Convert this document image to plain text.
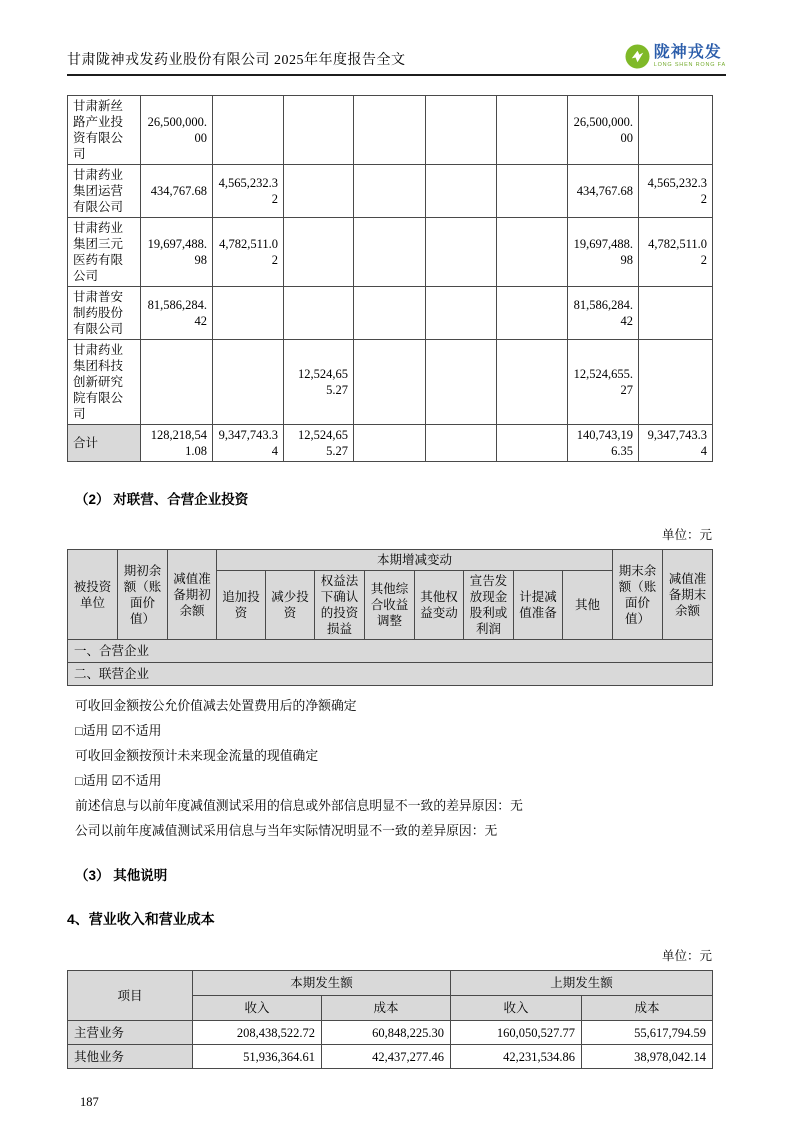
甘肃陇神戎发药业股份有限公司 2025年年度报告全文	陇神戎发
LONG SHEN RONG FA
甘肃新丝路产业投资有限公司	26,500,000.00						26,500,000.00	
甘肃药业集团运营有限公司	434,767.68	4,565,232.32					434,767.68	4,565,232.32
甘肃药业集团三元医药有限公司	19,697,488.98	4,782,511.02					19,697,488.98	4,782,511.02
甘肃普安制药股份有限公司	81,586,284.42						81,586,284.42	
甘肃药业集团科技创新研究院有限公司			12,524,655.27				12,524,655.27	
合计	128,218,541.08	9,347,743.34	12,524,655.27				140,743,196.35	9,347,743.34
（2） 对联营、合营企业投资
单位：元
被投资单位	期初余额（账面价值）	减值准备期初余额	本期增减变动								期末余额（账面价值）	减值准备期末余额
			追加投资	减少投资	权益法下确认的投资损益	其他综合收益调整	其他权益变动	宣告发放现金股利或利润	计提减值准备	其他		
一、合营企业												
二、联营企业												

可收回金额按公允价值减去处置费用后的净额确定

□适用 ☑不适用

可收回金额按预计未来现金流量的现值确定

□适用 ☑不适用

前述信息与以前年度减值测试采用的信息或外部信息明显不一致的差异原因：无

公司以前年度减值测试采用信息与当年实际情况明显不一致的差异原因：无

（3） 其他说明
4、营业收入和营业成本
单位：元
项目	本期发生额		上期发生额	
	收入	成本	收入	成本
主营业务	208,438,522.72	60,848,225.30	160,050,527.77	55,617,794.59
其他业务	51,936,364.61	42,437,277.46	42,231,534.86	38,978,042.14
187
